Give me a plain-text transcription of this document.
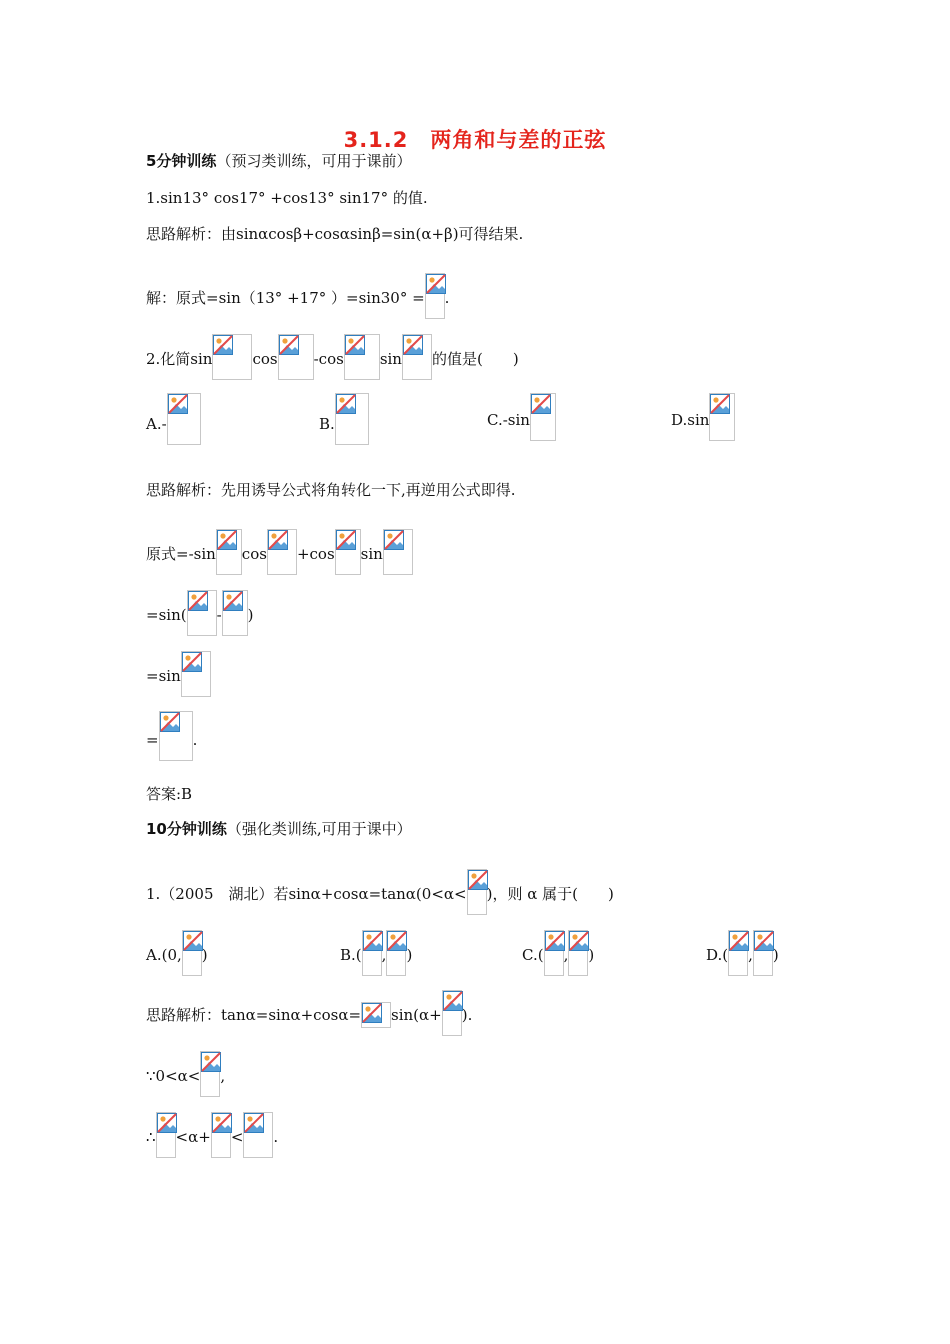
3.1.2　两角和与差的正弦
5分钟训练（预习类训练，可用于课前）
1.sin13° cos17° +cos13° sin17° 的值.
思路解析：由sinαcosβ+cosαsinβ=sin(α+β)可得结果.
解：原式=sin（13° +17° ）=sin30° = .
2.化简sin	cos -cos sin 的值是(　　)
A.-	B.	C.-sin	D.sin
思路解析：先用诱导公式将角转化一下,再逆用公式即得.
原式=-sin cos +cos sin
=sin( - )
=sin
= .
答案:B
10分钟训练（强化类训练,可用于课中）
1.（2005　湖北）若sinα+cosα=tanα(0<α< )，则 α 属于(　　)
A.(0, )	B.( , )	C.( , )	D.( , )
思路解析：tanα=sinα+cosα= sin(α+ ).
∵0<α< ,
∴ <α+ < .
